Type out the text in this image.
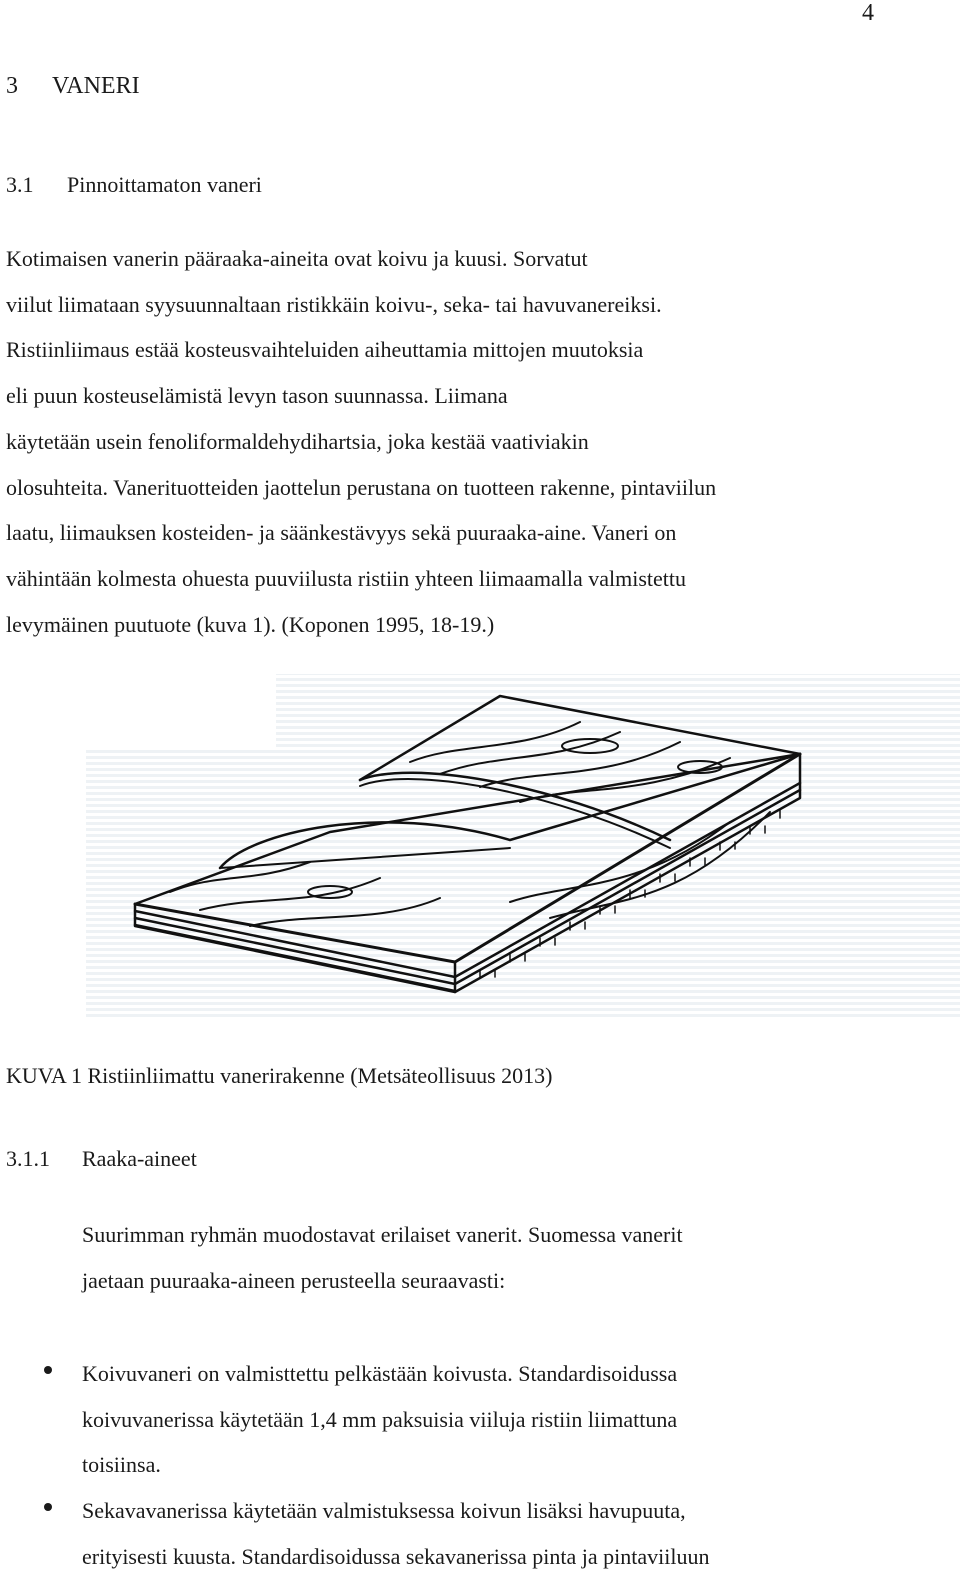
4
3 VANERI
3.1 Pinnoittamaton vaneri
Kotimaisen vanerin pääraaka-aineita ovat koivu ja kuusi. Sorvatut
viilut liimataan syysuunnaltaan ristikkäin koivu-, seka- tai havuvanereiksi.
Ristiinliimaus estää kosteusvaihteluiden aiheuttamia mittojen muutoksia
eli puun kosteuselämistä levyn tason suunnassa. Liimana
käytetään usein fenoliformaldehydihartsia, joka kestää vaativiakin
olosuhteita. Vanerituotteiden jaottelun perustana on tuotteen rakenne, pintaviilun
laatu, liimauksen kosteiden- ja säänkestävyys sekä puuraaka-aine. Vaneri on
vähintään kolmesta ohuesta puuviilusta ristiin yhteen liimaamalla valmistettu
levymäinen puutuote (kuva 1). (Koponen 1995, 18-19.)
KUVA 1 Ristiinliimattu vanerirakenne (Metsäteollisuus 2013)
3.1.1 Raaka-aineet
Suurimman ryhmän muodostavat erilaiset vanerit. Suomessa vanerit
jaetaan puuraaka-aineen perusteella seuraavasti:
Koivuvaneri on valmisttettu pelkästään koivusta. Standardisoidussa
koivuvanerissa käytetään 1,4 mm paksuisia viiluja ristiin liimattuna
toisiinsa.
Sekavavanerissa käytetään valmistuksessa koivun lisäksi havupuuta,
erityisesti kuusta. Standardisoidussa sekavanerissa pinta ja pintaviiluun
